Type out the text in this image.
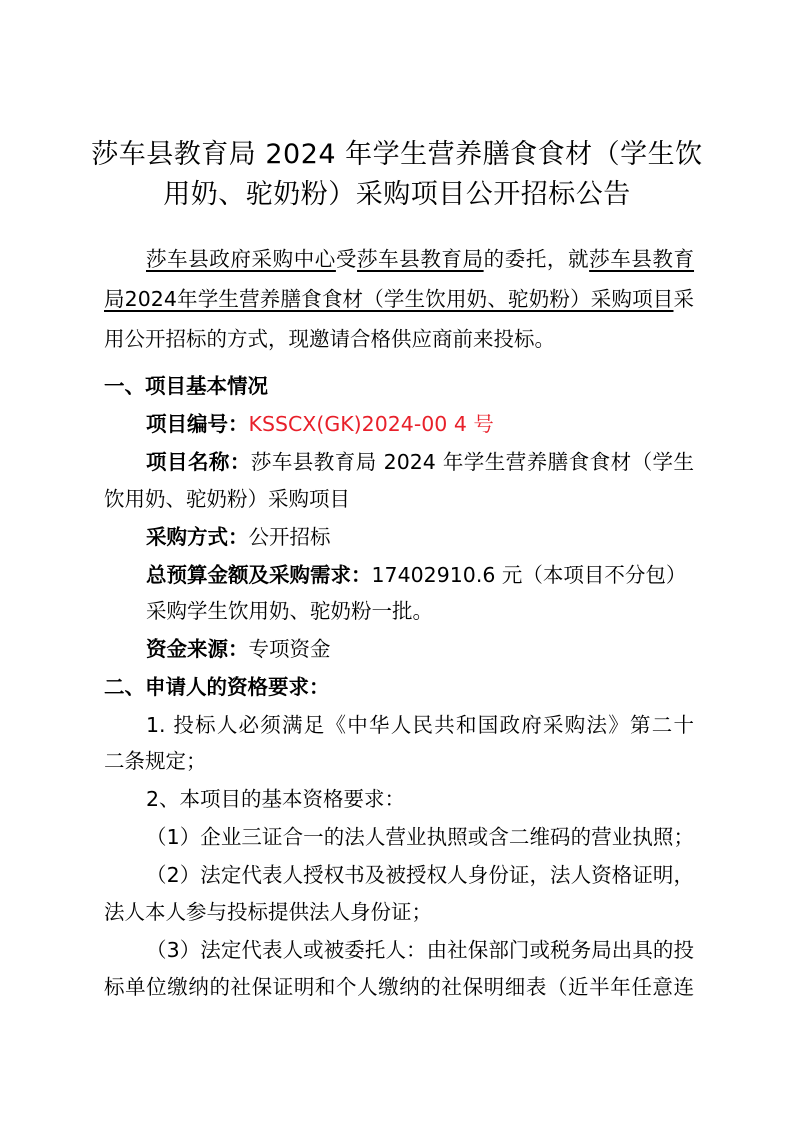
莎车县教育局 2024 年学生营养膳食食材（学生饮
用奶、驼奶粉）采购项目公开招标公告
莎车县政府采购中心受莎车县教育局的委托，就莎车县教育
局2024年学生营养膳食食材（学生饮用奶、驼奶粉）采购项目采
用公开招标的方式，现邀请合格供应商前来投标。
一、项目基本情况
项目编号：KSSCX(GK)2024-00 4 号
项目名称：莎车县教育局 2024 年学生营养膳食食材（学生
饮用奶、驼奶粉）采购项目
采购方式：公开招标
总预算金额及采购需求：17402910.6 元（本项目不分包）
采购学生饮用奶、驼奶粉一批。
资金来源：专项资金
二、申请人的资格要求：
1. 投标人必须满足《中华人民共和国政府采购法》第二十
二条规定；
2、本项目的基本资格要求：
（1）企业三证合一的法人营业执照或含二维码的营业执照；
（2）法定代表人授权书及被授权人身份证，法人资格证明，
法人本人参与投标提供法人身份证；
（3）法定代表人或被委托人：由社保部门或税务局出具的投
标单位缴纳的社保证明和个人缴纳的社保明细表（近半年任意连
